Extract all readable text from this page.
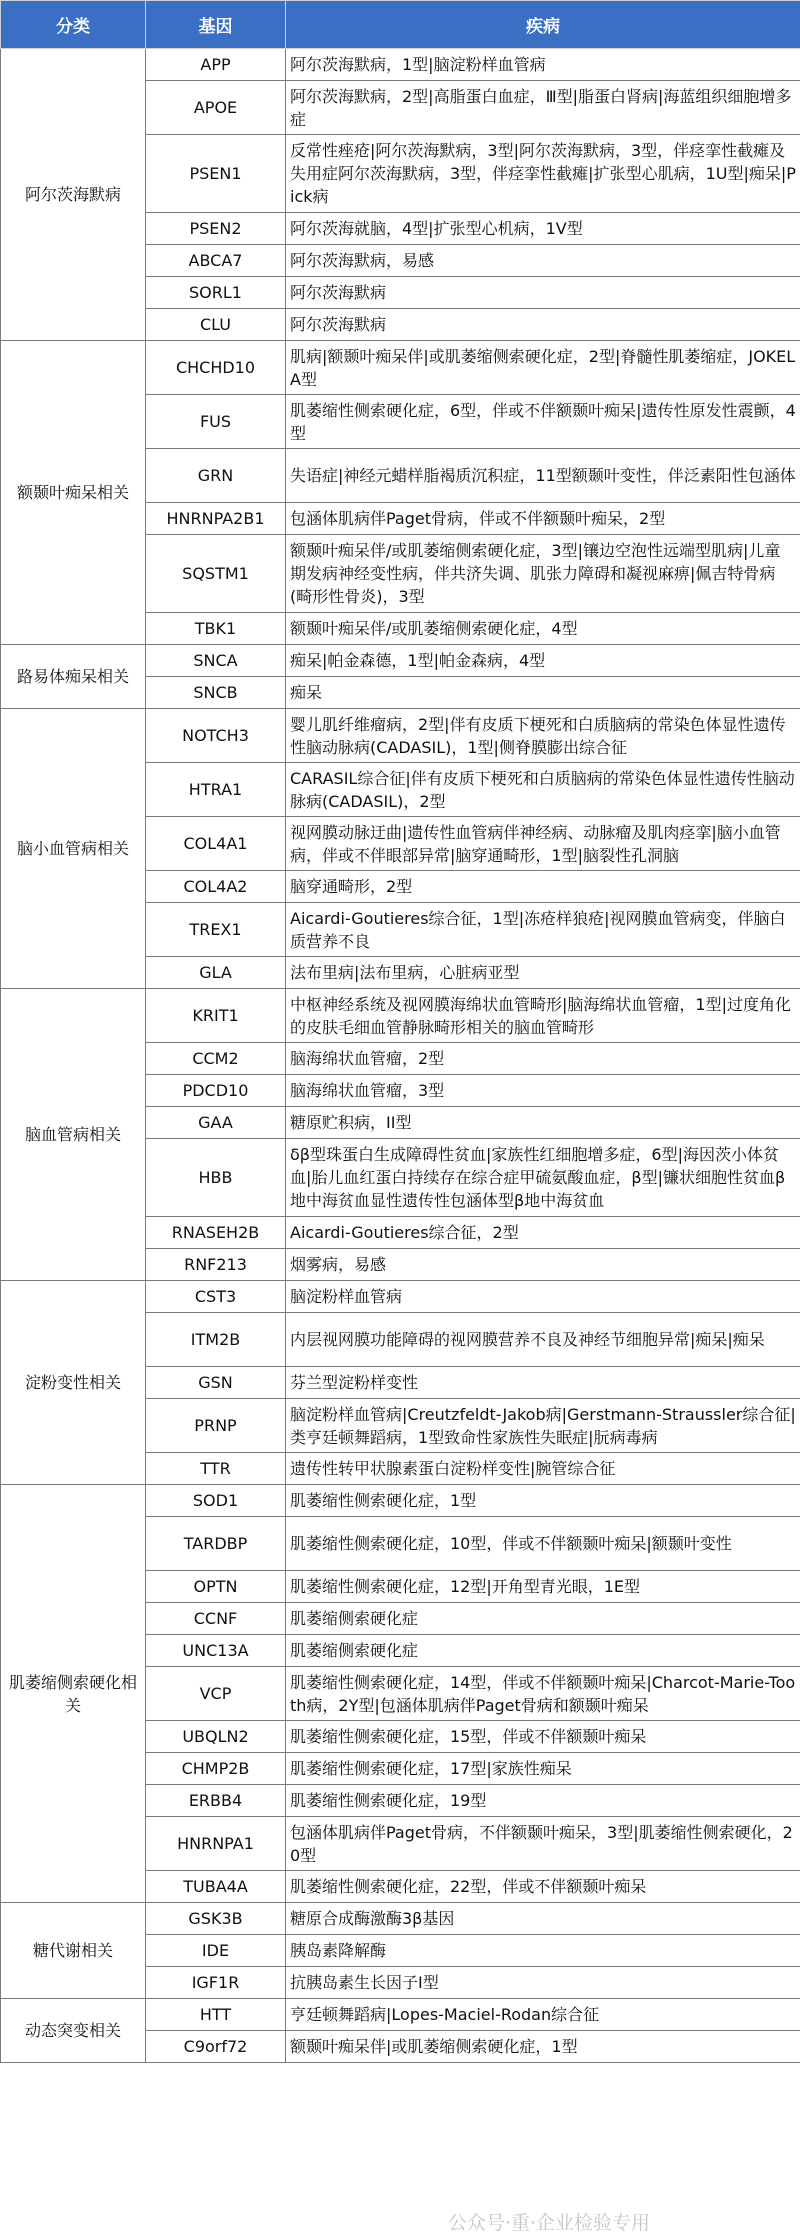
分类	基因	疾病
阿尔茨海默病	APP	阿尔茨海默病，1型|脑淀粉样血管病
	APOE	阿尔茨海默病，2型|高脂蛋白血症，Ⅲ型|脂蛋白肾病|海蓝组织细胞增多症
	PSEN1	反常性痤疮|阿尔茨海默病，3型|阿尔茨海默病，3型，伴痉挛性截瘫及失用症阿尔茨海默病，3型，伴痉挛性截瘫|扩张型心肌病，1U型|痴呆|Pick病
	PSEN2	阿尔茨海就脑，4型|扩张型心机病，1V型
	ABCA7	阿尔茨海默病，易感
	SORL1	阿尔茨海默病
	CLU	阿尔茨海默病
额颞叶痴呆相关	CHCHD10	肌病|额颞叶痴呆伴|或肌萎缩侧索硬化症，2型|脊髓性肌萎缩症，JOKELA型
	FUS	肌萎缩性侧索硬化症，6型，伴或不伴额颞叶痴呆|遗传性原发性震颤，4型
	GRN	失语症|神经元蜡样脂褐质沉积症，11型额颞叶变性，伴泛素阳性包涵体
	HNRNPA2B1	包涵体肌病伴Paget骨病，伴或不伴额颞叶痴呆，2型
	SQSTM1	额颞叶痴呆伴/或肌萎缩侧索硬化症，3型|镶边空泡性远端型肌病|儿童期发病神经变性病，伴共济失调、肌张力障碍和凝视麻痹|佩吉特骨病(畸形性骨炎)，3型
	TBK1	额颞叶痴呆伴/或肌萎缩侧索硬化症，4型
路易体痴呆相关	SNCA	痴呆|帕金森德，1型|帕金森病，4型
	SNCB	痴呆
脑小血管病相关	NOTCH3	婴儿肌纤维瘤病，2型|伴有皮质下梗死和白质脑病的常染色体显性遗传性脑动脉病(CADASIL)，1型|侧脊膜膨出综合征
	HTRA1	CARASIL综合征|伴有皮质下梗死和白质脑病的常染色体显性遗传性脑动脉病(CADASIL)，2型
	COL4A1	视网膜动脉迂曲|遗传性血管病伴神经病、动脉瘤及肌肉痉挛|脑小血管病，伴或不伴眼部异常|脑穿通畸形，1型|脑裂性孔洞脑
	COL4A2	脑穿通畸形，2型
	TREX1	Aicardi-Goutieres综合征，1型|冻疮样狼疮|视网膜血管病变，伴脑白质营养不良
	GLA	法布里病|法布里病，心脏病亚型
脑血管病相关	KRIT1	中枢神经系统及视网膜海绵状血管畸形|脑海绵状血管瘤，1型|过度角化的皮肤毛细血管静脉畸形相关的脑血管畸形
	CCM2	脑海绵状血管瘤，2型
	PDCD10	脑海绵状血管瘤，3型
	GAA	糖原贮积病，II型
	HBB	δβ型珠蛋白生成障碍性贫血|家族性红细胞增多症，6型|海因茨小体贫血|胎儿血红蛋白持续存在综合症甲硫氨酸血症，β型|镰状细胞性贫血β地中海贫血显性遗传性包涵体型β地中海贫血
	RNASEH2B	Aicardi-Goutieres综合征，2型
	RNF213	烟雾病，易感
淀粉变性相关	CST3	脑淀粉样血管病
	ITM2B	内层视网膜功能障碍的视网膜营养不良及神经节细胞异常|痴呆|痴呆
	GSN	芬兰型淀粉样变性
	PRNP	脑淀粉样血管病|Creutzfeldt-Jakob病|Gerstmann-Straussler综合征|类亨廷顿舞蹈病，1型致命性家族性失眠症|朊病毒病
	TTR	遗传性转甲状腺素蛋白淀粉样变性|腕管综合征
肌萎缩侧索硬化相关	SOD1	肌萎缩性侧索硬化症，1型
	TARDBP	肌萎缩性侧索硬化症，10型，伴或不伴额颞叶痴呆|额颞叶变性
	OPTN	肌萎缩性侧索硬化症，12型|开角型青光眼，1E型
	CCNF	肌萎缩侧索硬化症
	UNC13A	肌萎缩侧索硬化症
	VCP	肌萎缩性侧索硬化症，14型，伴或不伴额颞叶痴呆|Charcot-Marie-Tooth病，2Y型|包涵体肌病伴Paget骨病和额颞叶痴呆
	UBQLN2	肌萎缩性侧索硬化症，15型，伴或不伴额颞叶痴呆
	CHMP2B	肌萎缩性侧索硬化症，17型|家族性痴呆
	ERBB4	肌萎缩性侧索硬化症，19型
	HNRNPA1	包涵体肌病伴Paget骨病，不伴额颞叶痴呆，3型|肌萎缩性侧索硬化，20型
	TUBA4A	肌萎缩性侧索硬化症，22型，伴或不伴额颞叶痴呆
糖代谢相关	GSK3B	糖原合成酶激酶3β基因
	IDE	胰岛素降解酶
	IGF1R	抗胰岛素生长因子I型
动态突变相关	HTT	亨廷顿舞蹈病|Lopes-Maciel-Rodan综合征
	C9orf72	额颞叶痴呆伴|或肌萎缩侧索硬化症，1型
公众号·重·企业检验专用
